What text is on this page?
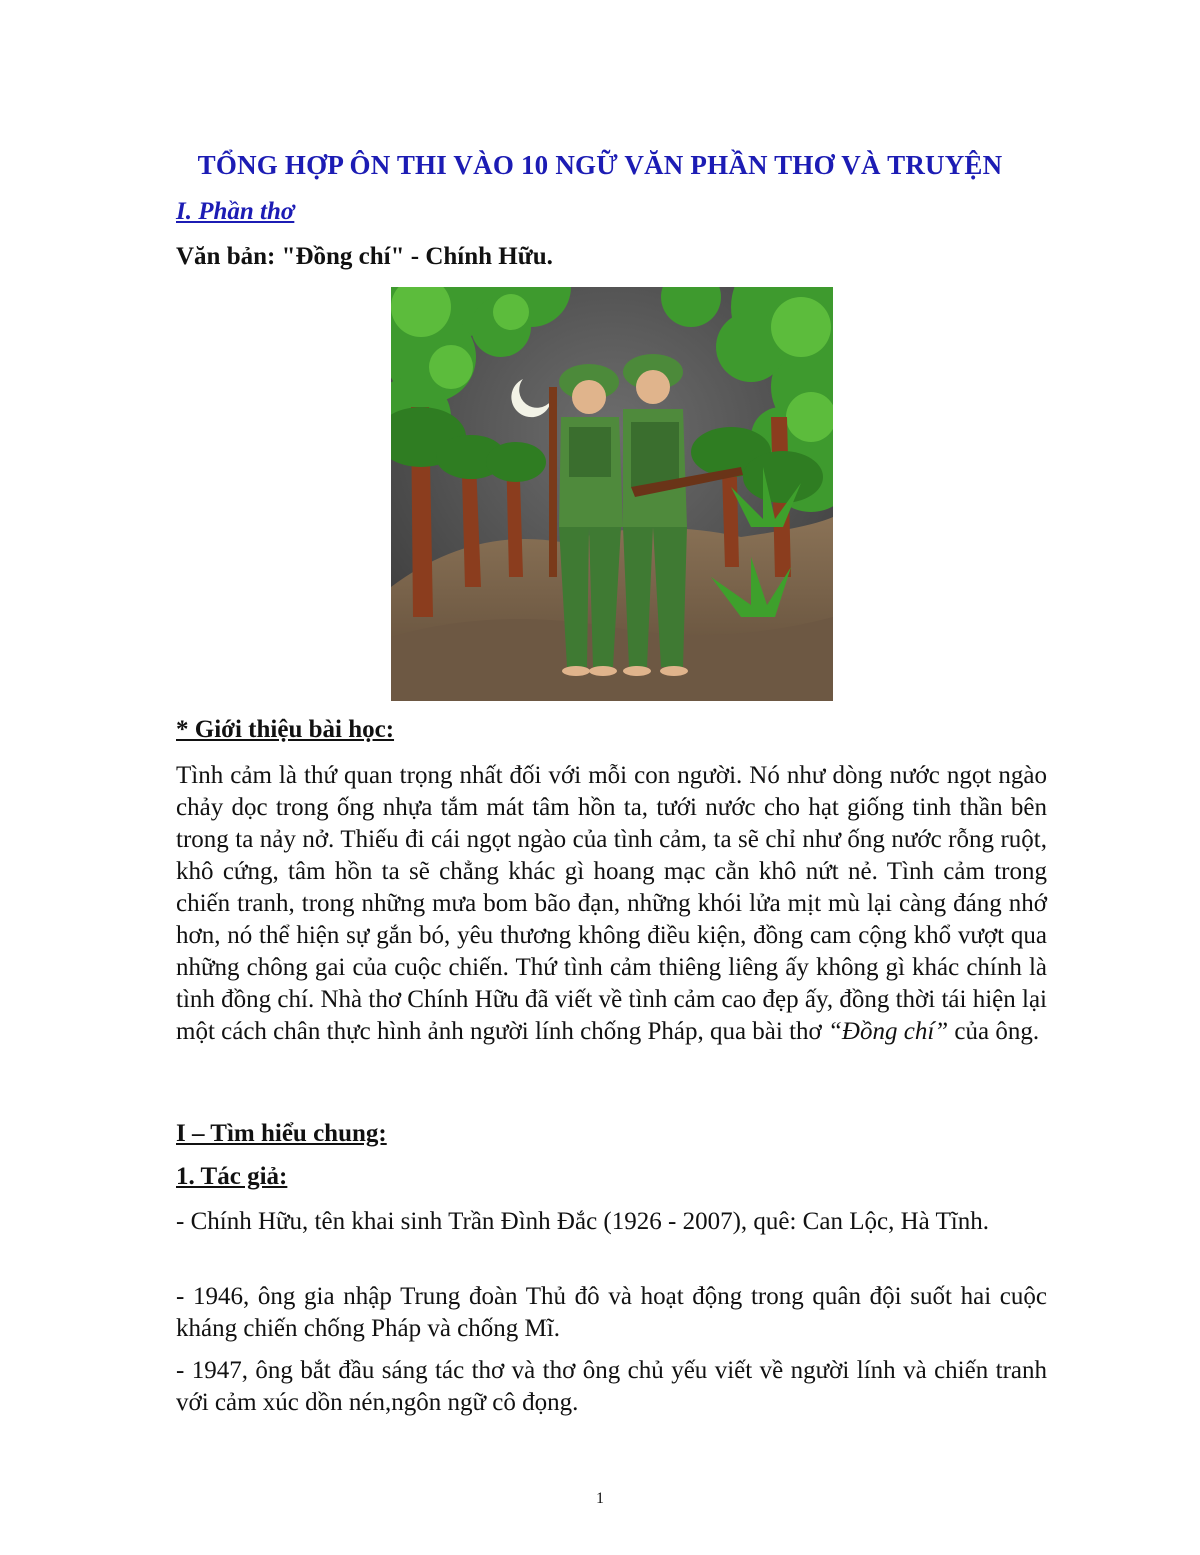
TỔNG HỢP ÔN THI VÀO 10 NGỮ VĂN PHẦN THƠ VÀ TRUYỆN
I. Phần thơ
Văn bản: "Đồng chí" - Chính Hữu.
* Giới thiệu bài học:
Tình cảm là thứ quan trọng nhất đối với mỗi con người. Nó như dòng nước ngọt ngào chảy dọc trong ống nhựa tắm mát tâm hồn ta, tưới nước cho hạt giống tinh thần bên trong ta nảy nở. Thiếu đi cái ngọt ngào của tình cảm, ta sẽ chỉ như ống nước rỗng ruột, khô cứng, tâm hồn ta sẽ chẳng khác gì hoang mạc cằn khô nứt nẻ. Tình cảm trong chiến tranh, trong những mưa bom bão đạn, những khói lửa mịt mù lại càng đáng nhớ hơn, nó thể hiện sự gắn bó, yêu thương không điều kiện, đồng cam cộng khổ vượt qua những chông gai của cuộc chiến. Thứ tình cảm thiêng liêng ấy không gì khác chính là tình đồng chí. Nhà thơ Chính Hữu đã viết về tình cảm cao đẹp ấy, đồng thời tái hiện lại một cách chân thực hình ảnh người lính chống Pháp, qua bài thơ “Đồng chí” của ông.
I – Tìm hiểu chung:
1. Tác giả:
- Chính Hữu, tên khai sinh Trần Đình Đắc (1926 - 2007), quê: Can Lộc, Hà Tĩnh.
- 1946, ông gia nhập Trung đoàn Thủ đô và hoạt động trong quân đội suốt hai cuộc kháng chiến chống Pháp và chống Mĩ.
- 1947, ông bắt đầu sáng tác thơ và thơ ông chủ yếu viết về người lính và chiến tranh với cảm xúc dồn nén,ngôn ngữ cô đọng.
1
